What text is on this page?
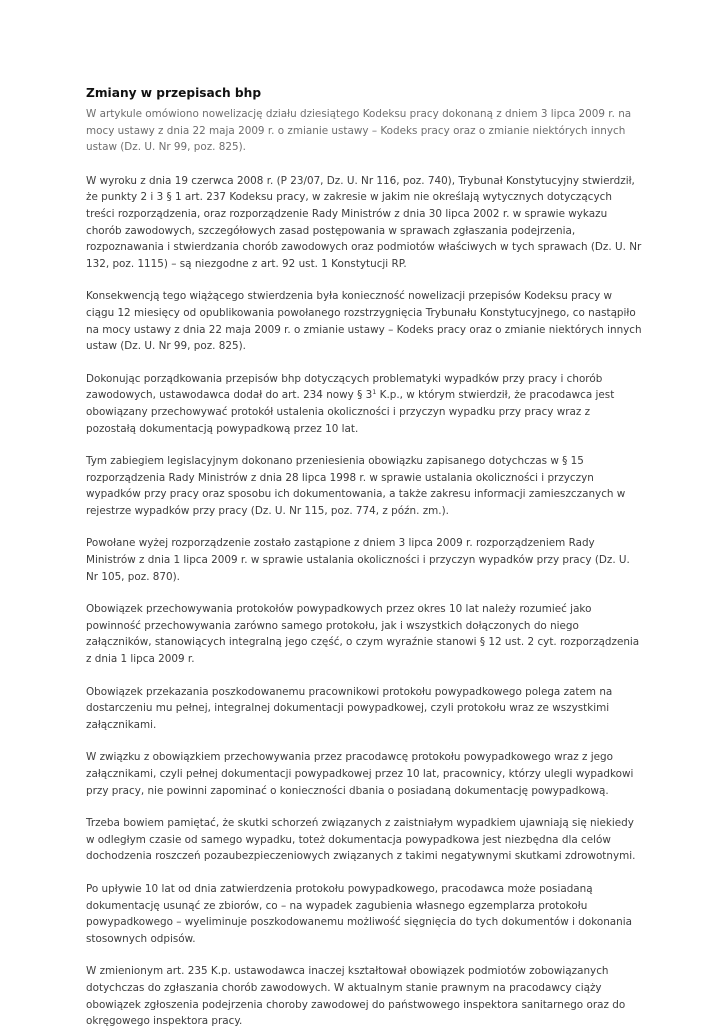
Zmiany w przepisach bhp

W artykule omówiono nowelizację działu dziesiątego Kodeksu pracy dokonaną z dniem 3 lipca 2009 r. na mocy ustawy z dnia 22 maja 2009 r. o zmianie ustawy – Kodeks pracy oraz o zmianie niektórych innych ustaw (Dz. U. Nr 99, poz. 825).

W wyroku z dnia 19 czerwca 2008 r. (P 23/07, Dz. U. Nr 116, poz. 740), Trybunał Konstytucyjny stwierdził, że punkty 2 i 3 § 1 art. 237 Kodeksu pracy, w zakresie w jakim nie określają wytycznych dotyczących treści rozporządzenia, oraz rozporządzenie Rady Ministrów z dnia 30 lipca 2002 r. w sprawie wykazu chorób zawodowych, szczegółowych zasad postępowania w sprawach zgłaszania podejrzenia, rozpoznawania i stwierdzania chorób zawodowych oraz podmiotów właściwych w tych sprawach (Dz. U. Nr 132, poz. 1115) – są niezgodne z art. 92 ust. 1 Konstytucji RP.

Konsekwencją tego wiążącego stwierdzenia była konieczność nowelizacji przepisów Kodeksu pracy w ciągu 12 miesięcy od opublikowania powołanego rozstrzygnięcia Trybunału Konstytucyjnego, co nastąpiło na mocy ustawy z dnia 22 maja 2009 r. o zmianie ustawy – Kodeks pracy oraz o zmianie niektórych innych ustaw (Dz. U. Nr 99, poz. 825).

Dokonując porządkowania przepisów bhp dotyczących problematyki wypadków przy pracy i chorób zawodowych, ustawodawca dodał do art. 234 nowy § $3^1$ K.p., w którym stwierdził, że pracodawca jest obowiązany przechowywać protokół ustalenia okoliczności i przyczyn wypadku przy pracy wraz z pozostałą dokumentacją powypadkową przez 10 lat.

Tym zabiegiem legislacyjnym dokonano przeniesienia obowiązku zapisanego dotychczas w § 15 rozporządzenia Rady Ministrów z dnia 28 lipca 1998 r. w sprawie ustalania okoliczności i przyczyn wypadków przy pracy oraz sposobu ich dokumentowania, a także zakresu informacji zamieszczanych w rejestrze wypadków przy pracy (Dz. U. Nr 115, poz. 774, z późn. zm.).

Powołane wyżej rozporządzenie zostało zastąpione z dniem 3 lipca 2009 r. rozporządzeniem Rady Ministrów z dnia 1 lipca 2009 r. w sprawie ustalania okoliczności i przyczyn wypadków przy pracy (Dz. U. Nr 105, poz. 870).

Obowiązek przechowywania protokołów powypadkowych przez okres 10 lat należy rozumieć jako powinność przechowywania zarówno samego protokołu, jak i wszystkich dołączonych do niego załączników, stanowiących integralną jego część, o czym wyraźnie stanowi § 12 ust. 2 cyt. rozporządzenia z dnia 1 lipca 2009 r.

Obowiązek przekazania poszkodowanemu pracownikowi protokołu powypadkowego polega zatem na dostarczeniu mu pełnej, integralnej dokumentacji powypadkowej, czyli protokołu wraz ze wszystkimi załącznikami.

W związku z obowiązkiem przechowywania przez pracodawcę protokołu powypadkowego wraz z jego załącznikami, czyli pełnej dokumentacji powypadkowej przez 10 lat, pracownicy, którzy ulegli wypadkowi przy pracy, nie powinni zapominać o konieczności dbania o posiadaną dokumentację powypadkową.

Trzeba bowiem pamiętać, że skutki schorzeń związanych z zaistniałym wypadkiem ujawniają się niekiedy w odległym czasie od samego wypadku, toteż dokumentacja powypadkowa jest niezbędna dla celów dochodzenia roszczeń pozaubezpieczeniowych związanych z takimi negatywnymi skutkami zdrowotnymi.

Po upływie 10 lat od dnia zatwierdzenia protokołu powypadkowego, pracodawca może posiadaną dokumentację usunąć ze zbiorów, co – na wypadek zagubienia własnego egzemplarza protokołu powypadkowego – wyeliminuje poszkodowanemu możliwość sięgnięcia do tych dokumentów i dokonania stosownych odpisów.

W zmienionym art. 235 K.p. ustawodawca inaczej kształtował obowiązek podmiotów zobowiązanych dotychczas do zgłaszania chorób zawodowych. W aktualnym stanie prawnym na pracodawcy ciąży obowiązek zgłoszenia podejrzenia choroby zawodowej do państwowego inspektora sanitarnego oraz do okręgowego inspektora pracy.
